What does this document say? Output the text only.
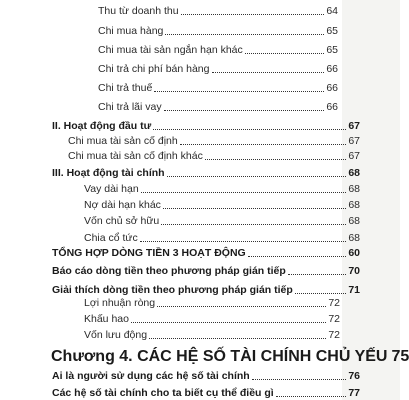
Thu từ doanh thu	64
Chi mua hàng	65
Chi mua tài sản ngắn hạn khác	65
Chi trả chi phí bán hàng	66
Chi trả thuế	66
Chi trả lãi vay	66
II. Hoạt động đầu tư	67
Chi mua tài sản cố định	67
Chi mua tài sản cố định khác	67
III. Hoạt động tài chính	68
Vay dài hạn	68
Nợ dài hạn khác	68
Vốn chủ sở hữu	68
Chia cổ tức	68
TỔNG HỢP DÒNG TIỀN 3 HOẠT ĐỘNG	60
Báo cáo dòng tiền theo phương pháp gián tiếp	70
Giải thích dòng tiền theo phương pháp gián tiếp	71
Lợi nhuận ròng	72
Khấu hao	72
Vốn lưu động	72
Chương 4. CÁC HỆ SỐ TÀI CHÍNH CHỦ YẾU 75
Ai là người sử dụng các hệ số tài chính	76
Các hệ số tài chính cho ta biết cụ thể điều gì	77
